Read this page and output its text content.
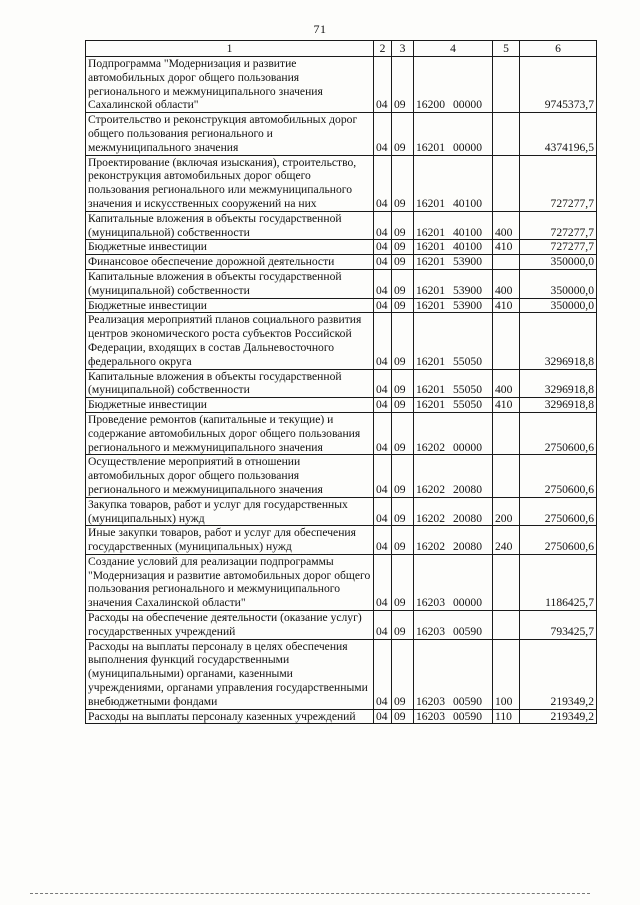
71
1	2	3	4	5	6
Подпрограмма "Модернизация и развитие автомобильных дорог общего пользования регионального и межмуниципального значения Сахалинской области"	04	09	16200 00000		9745373,7
Строительство и реконструкция автомобильных дорог общего пользования регионального и межмуниципального значения	04	09	16201 00000		4374196,5
Проектирование (включая изыскания), строительство, реконструкция автомобильных дорог общего пользования регионального или межмуниципального значения и искусственных сооружений на них	04	09	16201 40100		727277,7
Капитальные вложения в объекты государственной (муниципальной) собственности	04	09	16201 40100	400	727277,7
Бюджетные инвестиции	04	09	16201 40100	410	727277,7
Финансовое обеспечение дорожной деятельности	04	09	16201 53900		350000,0
Капитальные вложения в объекты государственной (муниципальной) собственности	04	09	16201 53900	400	350000,0
Бюджетные инвестиции	04	09	16201 53900	410	350000,0
Реализация мероприятий планов социального развития центров экономического роста субъектов Российской Федерации, входящих в состав Дальневосточного федерального округа	04	09	16201 55050		3296918,8
Капитальные вложения в объекты государственной (муниципальной) собственности	04	09	16201 55050	400	3296918,8
Бюджетные инвестиции	04	09	16201 55050	410	3296918,8
Проведение ремонтов (капитальные и текущие) и содержание автомобильных дорог общего пользования регионального и межмуниципального значения	04	09	16202 00000		2750600,6
Осуществление мероприятий в отношении автомобильных дорог общего пользования регионального и межмуниципального значения	04	09	16202 20080		2750600,6
Закупка товаров, работ и услуг для государственных (муниципальных) нужд	04	09	16202 20080	200	2750600,6
Иные закупки товаров, работ и услуг для обеспечения государственных (муниципальных) нужд	04	09	16202 20080	240	2750600,6
Создание условий для реализации подпрограммы "Модернизация и развитие автомобильных дорог общего пользования регионального и межмуниципального значения Сахалинской области"	04	09	16203 00000		1186425,7
Расходы на обеспечение деятельности (оказание услуг) государственных учреждений	04	09	16203 00590		793425,7
Расходы на выплаты персоналу в целях обеспечения выполнения функций государственными (муниципальными) органами, казенными учреждениями, органами управления государственными внебюджетными фондами	04	09	16203 00590	100	219349,2
Расходы на выплаты персоналу казенных учреждений	04	09	16203 00590	110	219349,2
